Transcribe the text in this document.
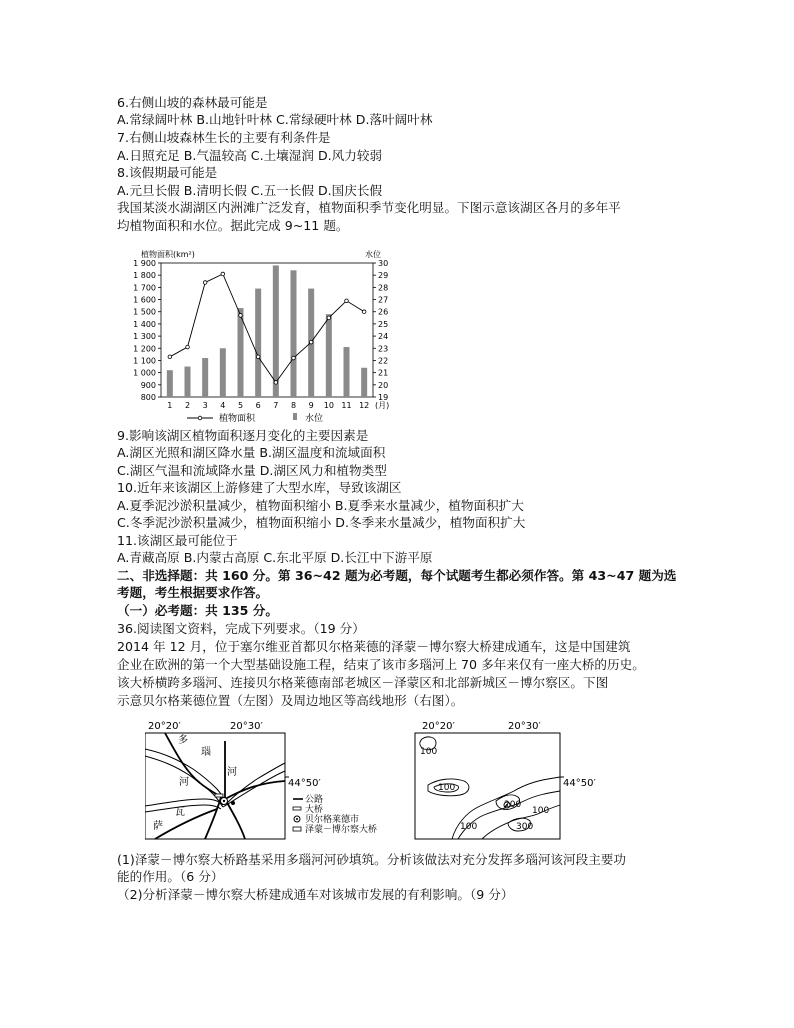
6.右侧山坡的森林最可能是
A.常绿阔叶林 B.山地针叶林 C.常绿硬叶林 D.落叶阔叶林
7.右侧山坡森林生长的主要有利条件是
A.日照充足 B.气温较高 C.土壤湿润 D.风力较弱
8.该假期最可能是
A.元旦长假 B.清明长假 C.五一长假 D.国庆长假
我国某淡水湖湖区内洲滩广泛发育，植物面积季节变化明显。下图示意该湖区各月的多年平
均植物面积和水位。据此完成 9~11 题。
1 900
1 800
1 700
1 600
1 500
1 400
1 300
1 200
1 100
1 000
900
800
30
29
28
27
26
25
24
23
22
21
20
19
1 2 3 4 5 6 7 8 9 10 11 12 (月)
植物面积(km²)	水位
植物面积	水位
9.影响该湖区植物面积逐月变化的主要因素是
A.湖区光照和湖区降水量 B.湖区温度和流域面积
C.湖区气温和流域降水量 D.湖区风力和植物类型
10.近年来该湖区上游修建了大型水库，导致该湖区
A.夏季泥沙淤积量减少，植物面积缩小 B.夏季来水量减少，植物面积扩大
C.冬季泥沙淤积量减少，植物面积缩小 D.冬季来水量减少，植物面积扩大
11.该湖区最可能位于
A.青藏高原 B.内蒙古高原 C.东北平原 D.长江中下游平原
二、非选择题：共 160 分。第 36~42 题为必考题，每个试题考生都必须作答。第 43~47 题为选
考题，考生根据要求作答。
（一）必考题：共 135 分。
36.阅读图文资料，完成下列要求。（19 分）
2014 年 12 月，位于塞尔维亚首都贝尔格莱德的泽蒙－博尔察大桥建成通车，这是中国建筑
企业在欧洲的第一个大型基础设施工程，结束了该市多瑙河上 70 多年来仅有一座大桥的历史。
该大桥横跨多瑙河、连接贝尔格莱德南部老城区－泽蒙区和北部新城区－博尔察区。下图
示意贝尔格莱德位置（左图）及周边地区等高线地形（右图）。
20°20′	20°30′
44°50′
多
瑙
河
河
瓦
萨
公路
大桥
贝尔格莱德市
泽蒙－博尔察大桥
20°20′	20°30′
44°50′
100
100
100
200
300
100
(1)泽蒙－博尔察大桥路基采用多瑙河河砂填筑。分析该做法对充分发挥多瑙河该河段主要功
能的作用。（6 分）
（2)分析泽蒙－博尔察大桥建成通车对该城市发展的有利影响。（9 分）
